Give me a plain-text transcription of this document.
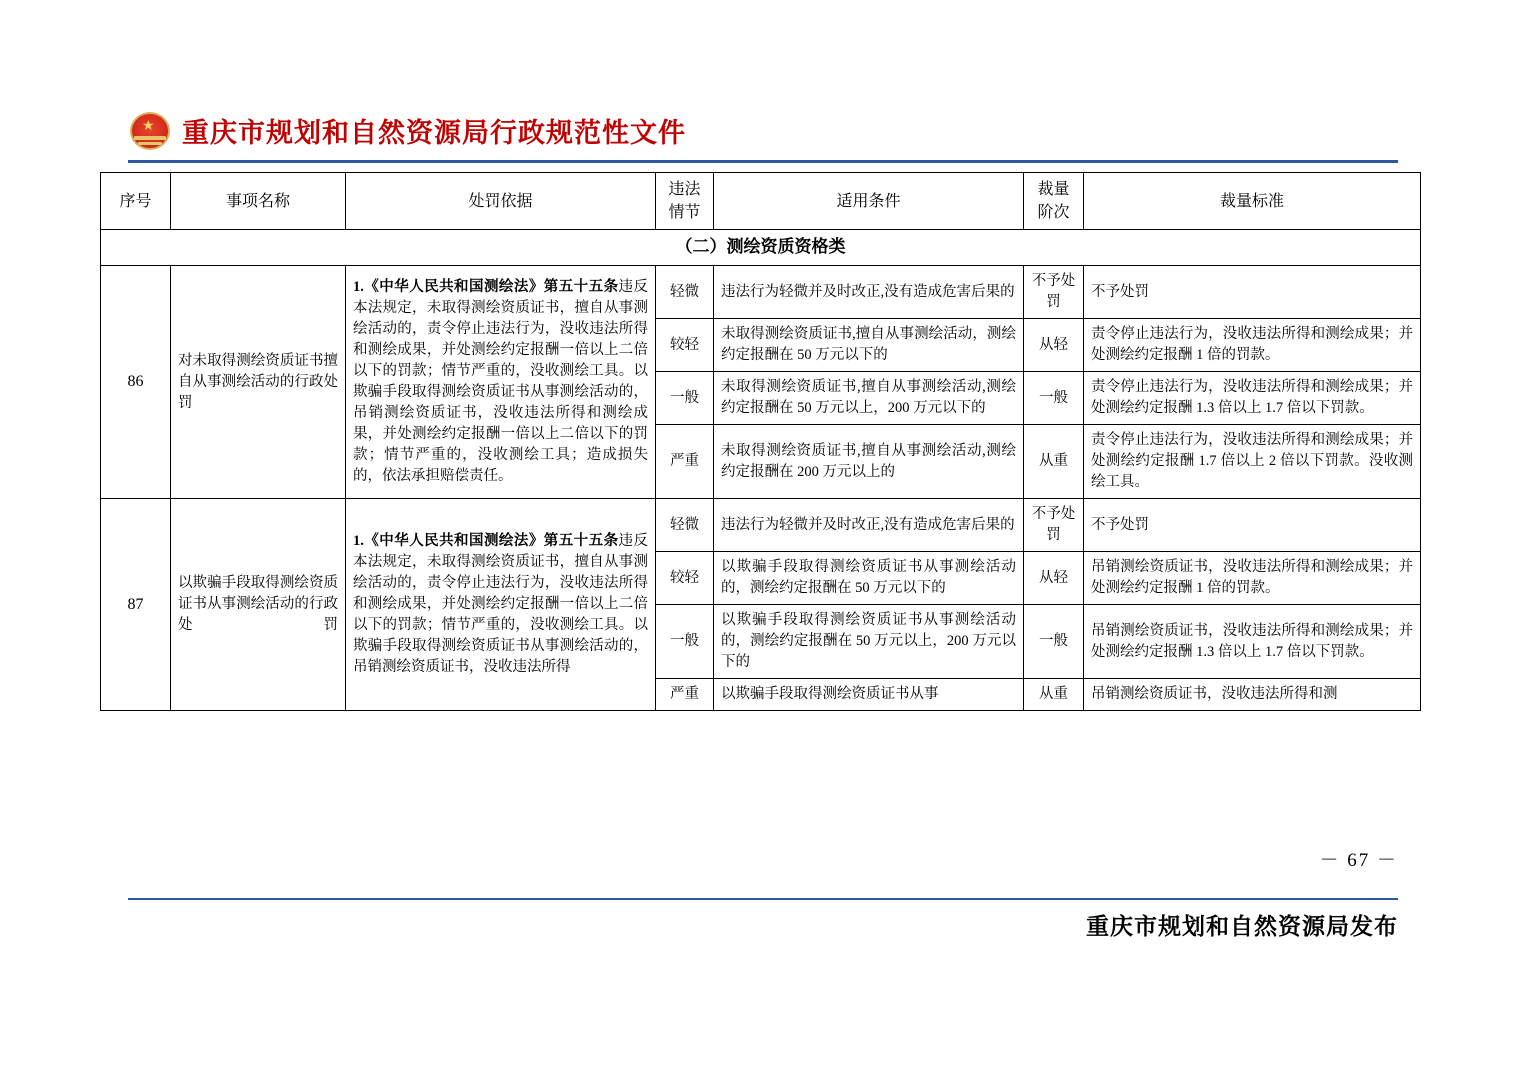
★ 重庆市规划和自然资源局行政规范性文件
序号	事项名称	处罚依据	违法情节	适用条件	裁量阶次	裁量标准
（二）测绘资质资格类						
86	对未取得测绘资质证书擅自从事测绘活动的行政处罚	1.《中华人民共和国测绘法》第五十五条违反本法规定，未取得测绘资质证书，擅自从事测绘活动的，责令停止违法行为，没收违法所得和测绘成果，并处测绘约定报酬一倍以上二倍以下的罚款；情节严重的，没收测绘工具。以欺骗手段取得测绘资质证书从事测绘活动的，吊销测绘资质证书，没收违法所得和测绘成果，并处测绘约定报酬一倍以上二倍以下的罚款；情节严重的，没收测绘工具；造成损失的，依法承担赔偿责任。	轻微	违法行为轻微并及时改正,没有造成危害后果的	不予处罚	不予处罚
			较轻	未取得测绘资质证书,擅自从事测绘活动，测绘约定报酬在 50 万元以下的	从轻	责令停止违法行为，没收违法所得和测绘成果；并处测绘约定报酬 1 倍的罚款。
			一般	未取得测绘资质证书,擅自从事测绘活动,测绘约定报酬在 50 万元以上，200 万元以下的	一般	责令停止违法行为，没收违法所得和测绘成果；并处测绘约定报酬 1.3 倍以上 1.7 倍以下罚款。
			严重	未取得测绘资质证书,擅自从事测绘活动,测绘约定报酬在 200 万元以上的	从重	责令停止违法行为，没收违法所得和测绘成果；并处测绘约定报酬 1.7 倍以上 2 倍以下罚款。没收测绘工具。
87	以欺骗手段取得测绘资质证书从事测绘活动的行政处罚	1.《中华人民共和国测绘法》第五十五条违反本法规定，未取得测绘资质证书，擅自从事测绘活动的，责令停止违法行为，没收违法所得和测绘成果，并处测绘约定报酬一倍以上二倍以下的罚款；情节严重的，没收测绘工具。以欺骗手段取得测绘资质证书从事测绘活动的，吊销测绘资质证书，没收违法所得	轻微	违法行为轻微并及时改正,没有造成危害后果的	不予处罚	不予处罚
			较轻	以欺骗手段取得测绘资质证书从事测绘活动的，测绘约定报酬在 50 万元以下的	从轻	吊销测绘资质证书，没收违法所得和测绘成果；并处测绘约定报酬 1 倍的罚款。
			一般	以欺骗手段取得测绘资质证书从事测绘活动的，测绘约定报酬在 50 万元以上，200 万元以下的	一般	吊销测绘资质证书，没收违法所得和测绘成果；并处测绘约定报酬 1.3 倍以上 1.7 倍以下罚款。
			严重	以欺骗手段取得测绘资质证书从事	从重	吊销测绘资质证书，没收违法所得和测
－ 67 －
重庆市规划和自然资源局发布
